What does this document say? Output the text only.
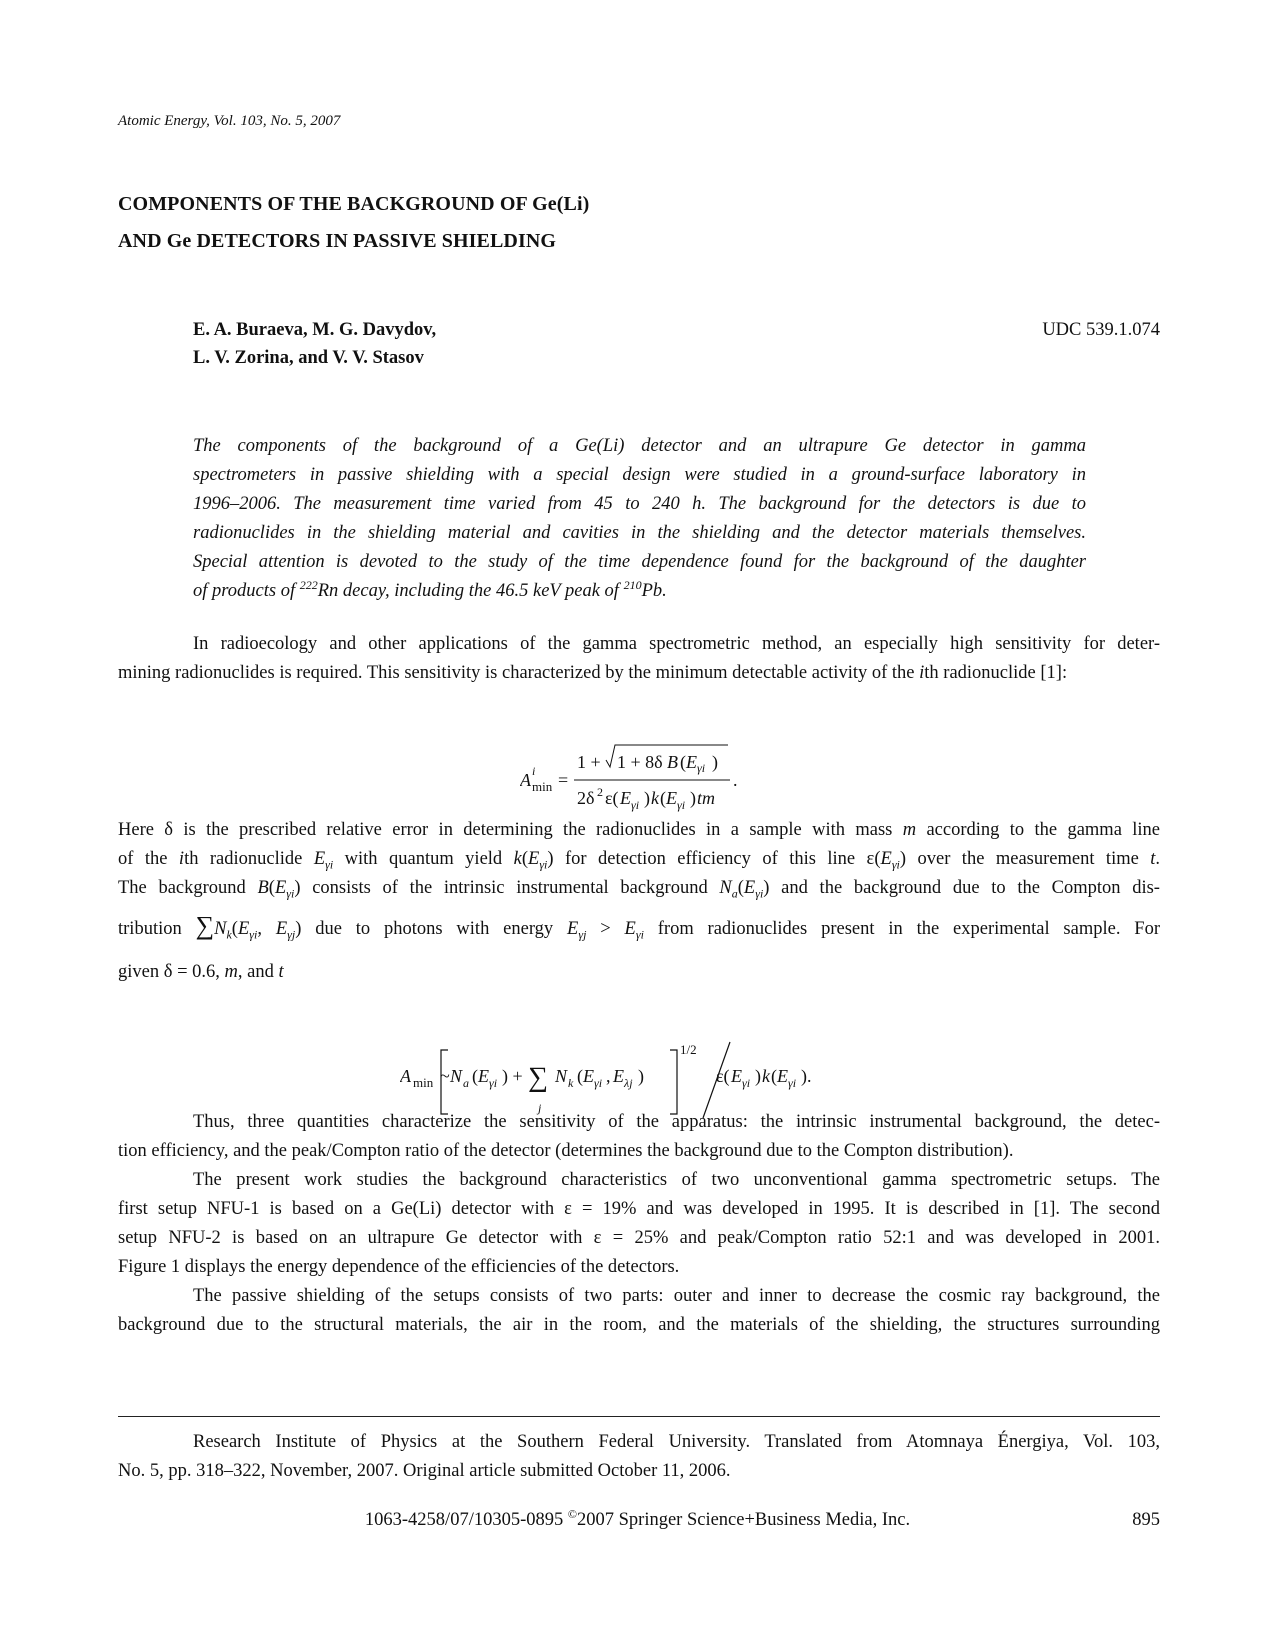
Atomic Energy, Vol. 103, No. 5, 2007
COMPONENTS OF THE BACKGROUND OF Ge(Li)
AND Ge DETECTORS IN PASSIVE SHIELDING
E. A. Buraeva, M. G. Davydov,
L. V. Zorina, and V. V. Stasov
UDC 539.1.074
The components of the background of a Ge(Li) detector and an ultrapure Ge detector in gamma
spectrometers in passive shielding with a special design were studied in a ground-surface laboratory in
1996–2006. The measurement time varied from 45 to 240 h. The background for the detectors is due to
radionuclides in the shielding material and cavities in the shielding and the detector materials themselves.
Special attention is devoted to the study of the time dependence found for the background of the daughter
of products of $^{222}$Rn decay, including the 46.5 keV peak of $^{210}$Pb.
In radioecology and other applications of the gamma spectrometric method, an especially high sensitivity for deter-
mining radionuclides is required. This sensitivity is characterized by the minimum detectable activity of the ith radionuclide [1]:
A i
min =
1 + 1 + 8δ B ( E γi )
2δ 2 ε( E γi ) k ( E γi ) tm
.
Here δ is the prescribed relative error in determining the radionuclides in a sample with mass m according to the gamma line
of the ith radionuclide $E_{\gamma i}$ with quantum yield $k(E_{\gamma i})$ for detection efficiency of this line $\varepsilon(E_{\gamma i})$ over the measurement time t.
The background $B(E_{\gamma i})$ consists of the intrinsic instrumental background $N_a(E_{\gamma i})$ and the background due to the Compton dis-
tribution $\sum N_k(E_{\gamma i}$, $E_{\gamma j}$) due to photons with energy $E_{\gamma j} > E_{\gamma i}$ from radionuclides present in the experimental sample. For
given δ = 0.6, m, and t
A min ~ N a ( E γi ) + ∑
j
N k ( E γi , E λj )
1/2
ε( E γi ) k ( E γi ).
Thus, three quantities characterize the sensitivity of the apparatus: the intrinsic instrumental background, the detec-
tion efficiency, and the peak/Compton ratio of the detector (determines the background due to the Compton distribution).
The present work studies the background characteristics of two unconventional gamma spectrometric setups. The
first setup NFU-1 is based on a Ge(Li) detector with ε = 19% and was developed in 1995. It is described in [1]. The second
setup NFU-2 is based on an ultrapure Ge detector with ε = 25% and peak/Compton ratio 52:1 and was developed in 2001.
Figure 1 displays the energy dependence of the efficiencies of the detectors.
The passive shielding of the setups consists of two parts: outer and inner to decrease the cosmic ray background, the
background due to the structural materials, the air in the room, and the materials of the shielding, the structures surrounding
Research Institute of Physics at the Southern Federal University. Translated from Atomnaya Énergiya, Vol. 103,
No. 5, pp. 318–322, November, 2007. Original article submitted October 11, 2006.
1063-4258/07/10305-0895 ©2007 Springer Science+Business Media, Inc.	895
